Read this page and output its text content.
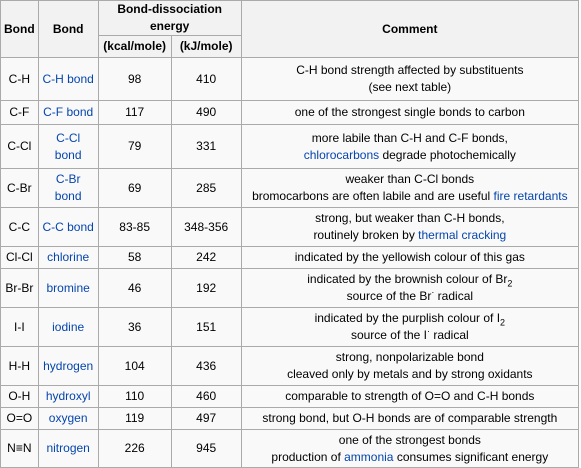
Bond	Bond	Bond-dissociation energy		Comment
		(kcal/mole)	(kJ/mole)	
C-H	C-H bond	98	410	C-H bond strength affected by substituents
(see next table)

C-F	C-F bond	117	490	one of the strongest single bonds to carbon

C-Cl	C-Cl bond	79	331	more labile than C-H and C-F bonds,
chlorocarbons degrade photochemically

C-Br	C-Br bond	69	285	weaker than C-Cl bonds
bromocarbons are often labile and are useful fire retardants

C-C	C-C bond	83-85	348-356	strong, but weaker than C-H bonds,
routinely broken by thermal cracking

Cl-Cl	chlorine	58	242	indicated by the yellowish colour of this gas

Br-Br	bromine	46	192	indicated by the brownish colour of $Br_2$
source of the Br· radical

I-I	iodine	36	151	indicated by the purplish colour of $I_2$
source of the I· radical

H-H	hydrogen	104	436	strong, nonpolarizable bond
cleaved only by metals and by strong oxidants

O-H	hydroxyl	110	460	comparable to strength of O=O and C-H bonds

O=O	oxygen	119	497	strong bond, but O-H bonds are of comparable strength

N≡N	nitrogen	226	945	one of the strongest bonds
production of ammonia consumes significant energy
